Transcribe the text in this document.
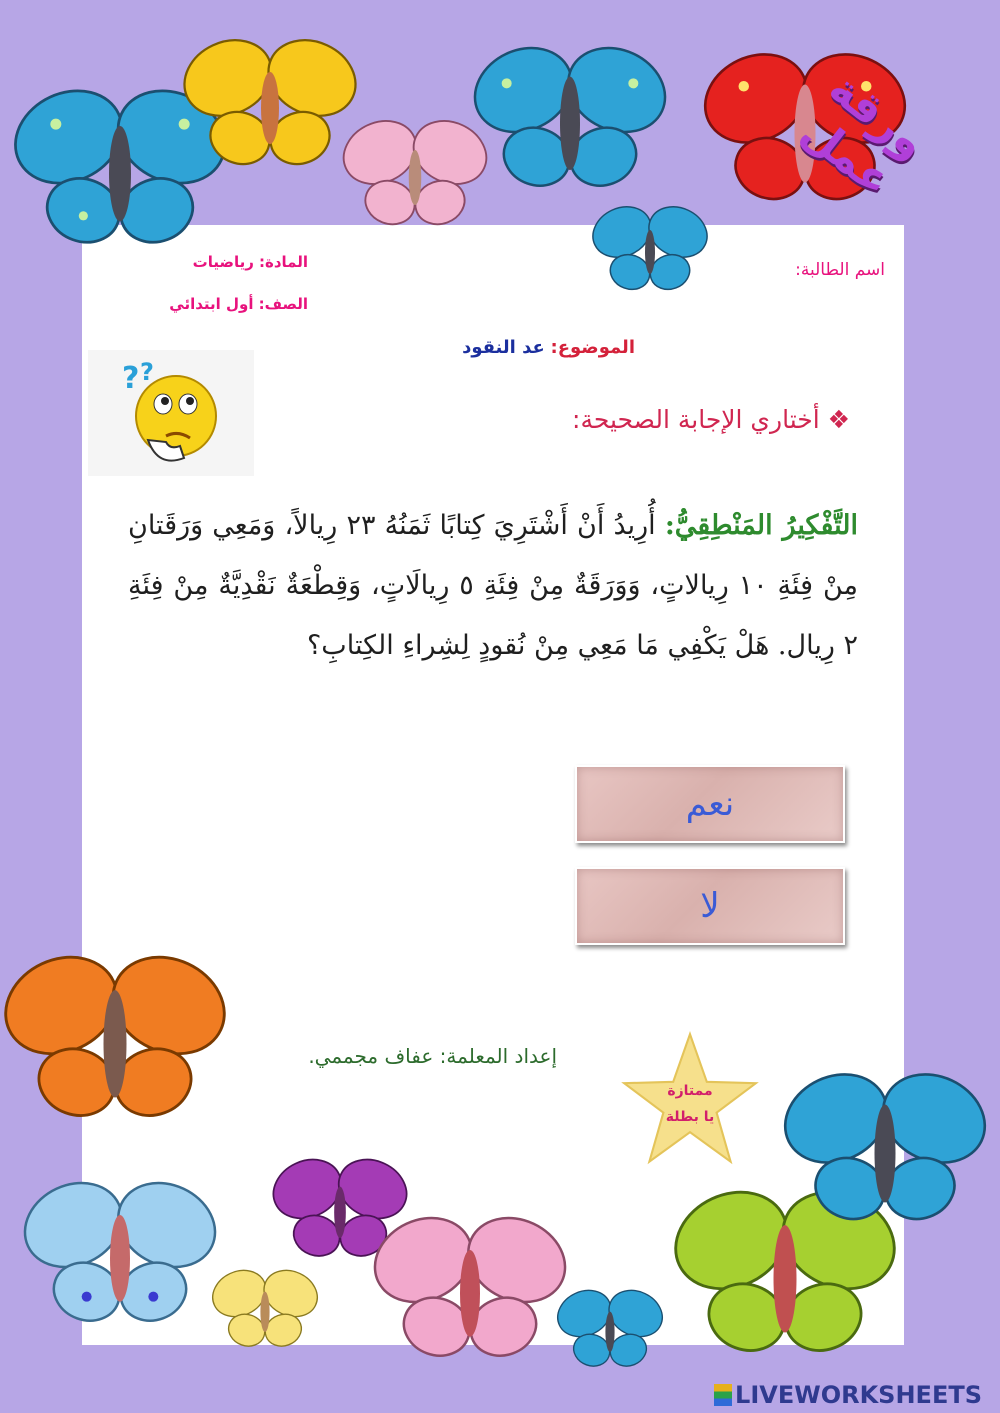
ورقة عمل
اسم الطالبة:
المادة: رياضيات
الصف: أول ابتدائي
الموضوع: عد النقود
? ?
❖ أختاري الإجابة الصحيحة:
التَّفْكِيرُ المَنْطِقِيُّ: أُرِيدُ أَنْ أَشْتَرِيَ كِتابًا ثَمَنُهُ ٢٣ رِيالاً، وَمَعِي وَرَقَتانِ مِنْ فِئَةِ ١٠ رِيالاتٍ، وَوَرَقَةٌ مِنْ فِئَةِ ٥ رِيالَاتٍ، وَقِطْعَةٌ نَقْدِيَّةٌ مِنْ فِئَةِ ٢ رِيال. هَلْ يَكْفِي مَا مَعِي مِنْ نُقودٍ لِشِراءِ الكِتابِ؟
نعم
لا
إعداد المعلمة: عفاف مجممي.
ممتازة
يا بطلة
LIVEWORKSHEETS
